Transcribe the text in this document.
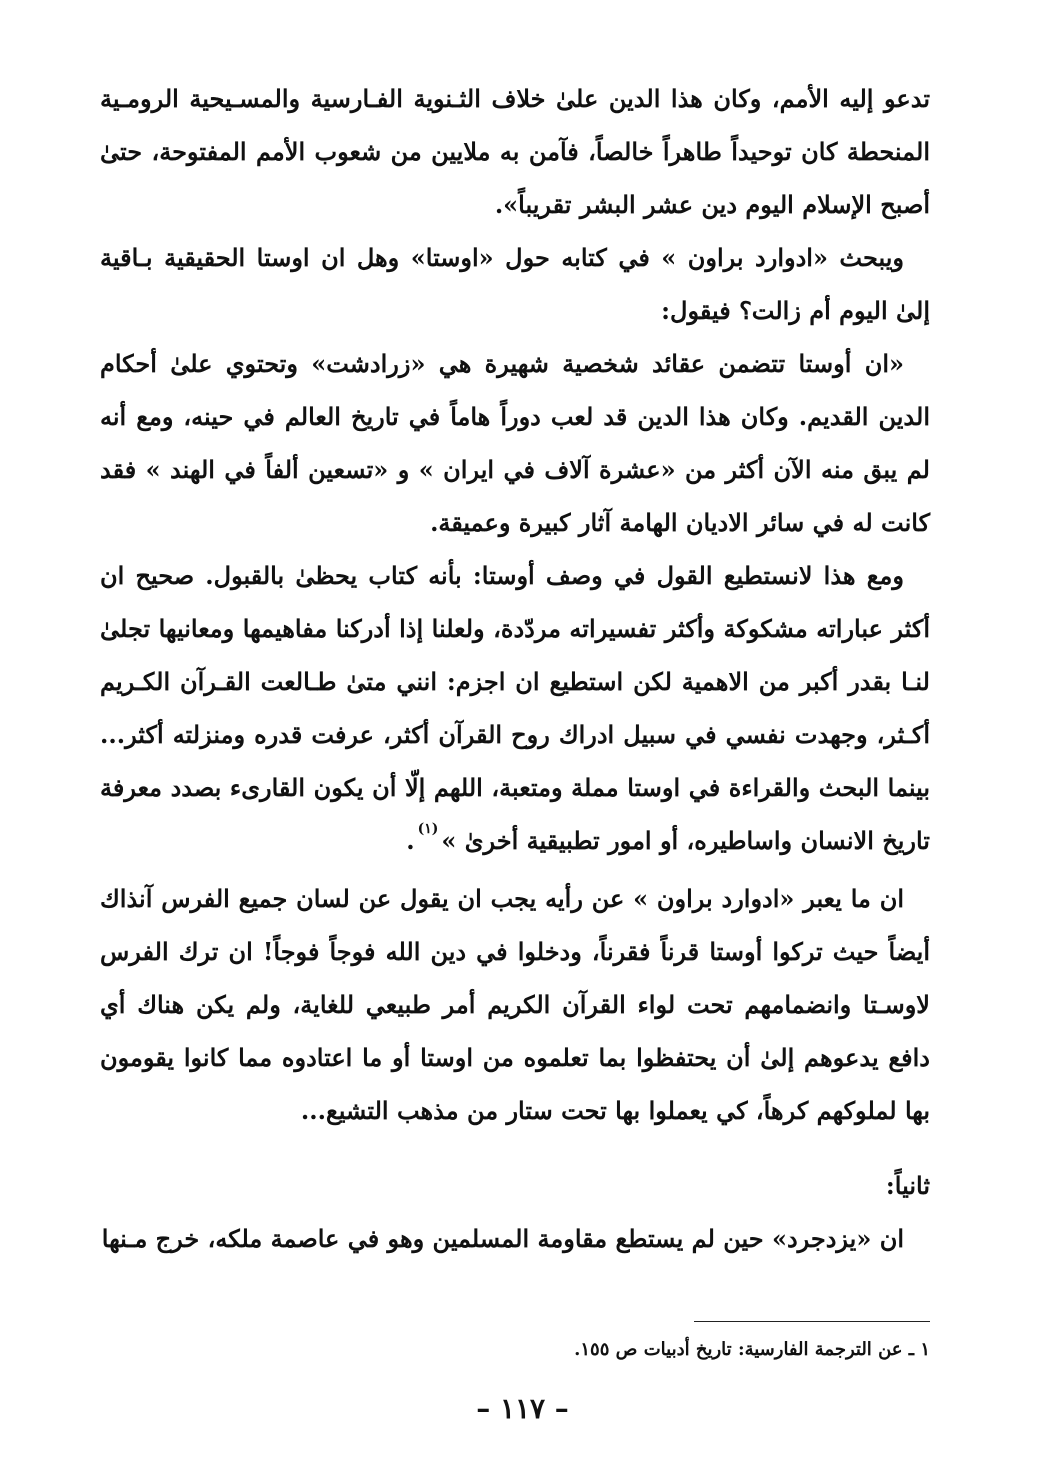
تدعو إليه الأمم، وكان هذا الدين علىٰ خلاف الثـنوية الفـارسية والمسـيحية الرومـية المنحطة كان توحيداً طاهراً خالصاً، فآمن به ملايين من شعوب الأمم المفتوحة، حتىٰ أصبح الإسلام اليوم دين عشر البشر تقريباً».

ويبحث «ادوارد براون » في كتابه حول «اوستا» وهل ان اوستا الحقيقية بـاقية إلىٰ اليوم أم زالت؟ فيقول:

«ان أوستا تتضمن عقائد شخصية شهيرة هي «زرادشت» وتحتوي علىٰ أحكام الدين القديم. وكان هذا الدين قد لعب دوراً هاماً في تاريخ العالم في حينه، ومع أنه لم يبق منه الآن أكثر من «عشرة آلاف في ايران » و «تسعين ألفاً في الهند » فقد كانت له في سائر الاديان الهامة آثار كبيرة وعميقة.

ومع هذا لانستطيع القول في وصف أوستا: بأنه كتاب يحظىٰ بالقبول. صحيح ان أكثر عباراته مشكوكة وأكثر تفسيراته مردّدة، ولعلنا إذا أدركنا مفاهيمها ومعانيها تجلىٰ لنـا بقدر أكبر من الاهمية لكن استطيع ان اجزم: انني متىٰ طـالعت القـرآن الكـريم أكـثر، وجهدت نفسي في سبيل ادراك روح القرآن أكثر، عرفت قدره ومنزلته أكثر... بينما البحث والقراءة في اوستا مملة ومتعبة، اللهم إلّا أن يكون القارىء بصدد معرفة تاريخ الانسان واساطيره، أو امور تطبيقية أخرىٰ »$^{(١)}$.

ان ما يعبر «ادوارد براون » عن رأيه يجب ان يقول عن لسان جميع الفرس آنذاك أيضاً حيث تركوا أوستا قرناً فقرناً، ودخلوا في دين الله فوجاً فوجاً! ان ترك الفرس لاوسـتا وانضمامهم تحت لواء القرآن الكريم أمر طبيعي للغاية، ولم يكن هناك أي دافع يدعوهم إلىٰ أن يحتفظوا بما تعلموه من اوستا أو ما اعتادوه مما كانوا يقومون بها لملوكهم كرهاً، كي يعملوا بها تحت ستار من مذهب التشيع...

ثانياً:

ان «يزدجرد» حين لم يستطع مقاومة المسلمين وهو في عاصمة ملكه، خرج مـنها

١ ـ عن الترجمة الفارسية: تاريخ أدبيات ص ١٥٥.
– ١١٧ –
